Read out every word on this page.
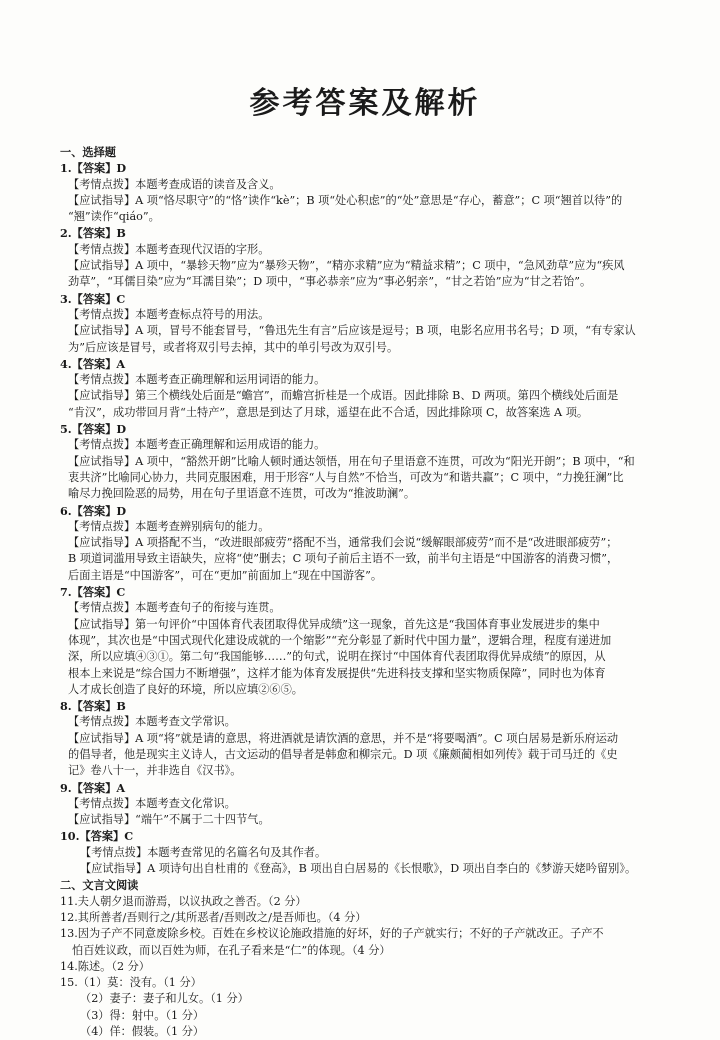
参考答案及解析
一、选择题
1.【答案】D
【考情点拨】本题考查成语的读音及含义。
【应试指导】A 项“恪尽职守”的“恪”读作“kè”；B 项“处心积虑”的“处”意思是“存心，蓄意”；C 项“翘首以待”的
“翘”读作“qiáo”。
2.【答案】B
【考情点拨】本题考查现代汉语的字形。
【应试指导】A 项中，“暴轸天物”应为“暴殄天物”，“精亦求精”应为“精益求精”；C 项中，“急风劲草”应为“疾风
劲草”，“耳儒目染”应为“耳濡目染”；D 项中，“事必恭亲”应为“事必躬亲”，“甘之若饴”应为“甘之若饴”。
3.【答案】C
【考情点拨】本题考查标点符号的用法。
【应试指导】A 项，冒号不能套冒号，“鲁迅先生有言”后应该是逗号；B 项，电影名应用书名号；D 项，“有专家认
为”后应该是冒号，或者将双引号去掉，其中的单引号改为双引号。
4.【答案】A
【考情点拨】本题考查正确理解和运用词语的能力。
【应试指导】第三个横线处后面是“蟾宫”，而蟾宫折桂是一个成语。因此排除 B、D 两项。第四个横线处后面是
“肯汉”，成功带回月背“土特产”，意思是到达了月球，遥望在此不合适，因此排除项 C，故答案选 A 项。
5.【答案】D
【考情点拨】本题考查正确理解和运用成语的能力。
【应试指导】A 项中，“豁然开朗”比喻人顿时通达领悟，用在句子里语意不连贯，可改为“阳光开朗”；B 项中，“和
衷共济”比喻同心协力，共同克服困难，用于形容“人与自然”不恰当，可改为“和谐共赢”；C 项中，“力挽狂澜”比
喻尽力挽回险恶的局势，用在句子里语意不连贯，可改为“推波助澜”。
6.【答案】D
【考情点拨】本题考查辨别病句的能力。
【应试指导】A 项搭配不当，“改进眼部疲劳”搭配不当，通常我们会说“缓解眼部疲劳”而不是“改进眼部疲劳”；
B 项道词滥用导致主语缺失，应将“使”删去；C 项句子前后主语不一致，前半句主语是“中国游客的消费习惯”，
后面主语是“中国游客”，可在“更加”前面加上“现在中国游客”。
7.【答案】C
【考情点拨】本题考查句子的衔接与连贯。
【应试指导】第一句评价“中国体育代表团取得优异成绩”这一现象，首先这是“我国体育事业发展进步的集中
体现”，其次也是“中国式现代化建设成就的一个缩影”“充分彰显了新时代中国力量”，逻辑合理，程度有递进加
深，所以应填④③①。第二句“我国能够……”的句式，说明在探讨“中国体育代表团取得优异成绩”的原因，从
根本上来说是“综合国力不断增强”，这样才能为体育发展提供“先进科技支撑和坚实物质保障”，同时也为体育
人才成长创造了良好的环境，所以应填②⑥⑤。
8.【答案】B
【考情点拨】本题考查文学常识。
【应试指导】A 项“将”就是请的意思，将进酒就是请饮酒的意思，并不是“将要喝酒”。C 项白居易是新乐府运动
的倡导者，他是现实主义诗人，古文运动的倡导者是韩愈和柳宗元。D 项《廉颇蔺相如列传》载于司马迁的《史
记》卷八十一，并非选自《汉书》。
9.【答案】A
【考情点拨】本题考查文化常识。
【应试指导】“端午”不属于二十四节气。
10.【答案】C
【考情点拨】本题考查常见的名篇名句及其作者。
【应试指导】A 项诗句出自杜甫的《登高》，B 项出自白居易的《长恨歌》，D 项出自李白的《梦游天姥吟留别》。
二、文言文阅读
11.夫人朝夕退而游焉，以议执政之善否。（2 分）
12.其所善者/吾则行之/其所恶者/吾则改之/是吾师也。（4 分）
13.因为子产不同意废除乡校。百姓在乡校议论施政措施的好坏，好的子产就实行；不好的子产就改正。子产不
怕百姓议政，而以百姓为师，在孔子看来是“仁”的体现。（4 分）
14.陈述。（2 分）
15.（1）莫：没有。（1 分）
（2）妻子：妻子和儿女。（1 分）
（3）得：射中。（1 分）
（4）佯：假装。（1 分）
